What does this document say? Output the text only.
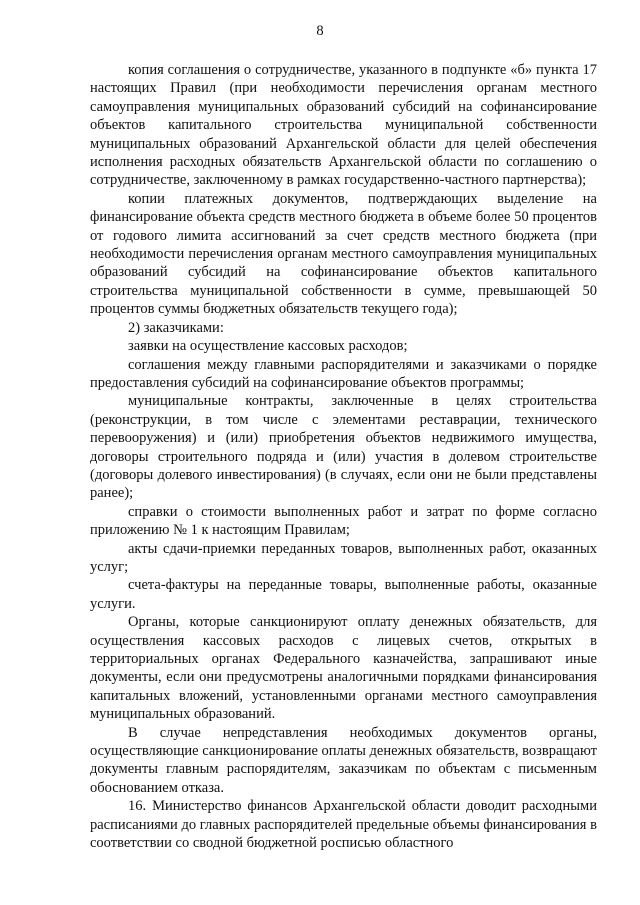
8

копия соглашения о сотрудничестве, указанного в подпункте «б» пункта 17 настоящих Правил (при необходимости перечисления органам местного самоуправления муниципальных образований субсидий на софинансирование объектов капитального строительства муниципальной собственности муниципальных образований Архангельской области для целей обеспечения исполнения расходных обязательств Архангельской области по соглашению о сотрудничестве, заключенному в рамках государственно-частного партнерства);

копии платежных документов, подтверждающих выделение на финансирование объекта средств местного бюджета в объеме более 50 процентов от годового лимита ассигнований за счет средств местного бюджета (при необходимости перечисления органам местного самоуправления муниципальных образований субсидий на софинансирование объектов капитального строительства муниципальной собственности в сумме, превышающей 50 процентов суммы бюджетных обязательств текущего года);

2) заказчиками:

заявки на осуществление кассовых расходов;

соглашения между главными распорядителями и заказчиками о порядке предоставления субсидий на софинансирование объектов программы;

муниципальные контракты, заключенные в целях строительства (реконструкции, в том числе с элементами реставрации, технического перевооружения) и (или) приобретения объектов недвижимого имущества, договоры строительного подряда и (или) участия в долевом строительстве (договоры долевого инвестирования) (в случаях, если они не были представлены ранее);

справки о стоимости выполненных работ и затрат по форме согласно приложению № 1 к настоящим Правилам;

акты сдачи-приемки переданных товаров, выполненных работ, оказанных услуг;

счета-фактуры на переданные товары, выполненные работы, оказанные услуги.

Органы, которые санкционируют оплату денежных обязательств, для осуществления кассовых расходов с лицевых счетов, открытых в территориальных органах Федерального казначейства, запрашивают иные документы, если они предусмотрены аналогичными порядками финансирования капитальных вложений, установленными органами местного самоуправления муниципальных образований.

В случае непредставления необходимых документов органы, осуществляющие санкционирование оплаты денежных обязательств, возвращают документы главным распорядителям, заказчикам по объектам с письменным обоснованием отказа.

16. Министерство финансов Архангельской области доводит расходными расписаниями до главных распорядителей предельные объемы финансирования в соответствии со сводной бюджетной росписью областного
